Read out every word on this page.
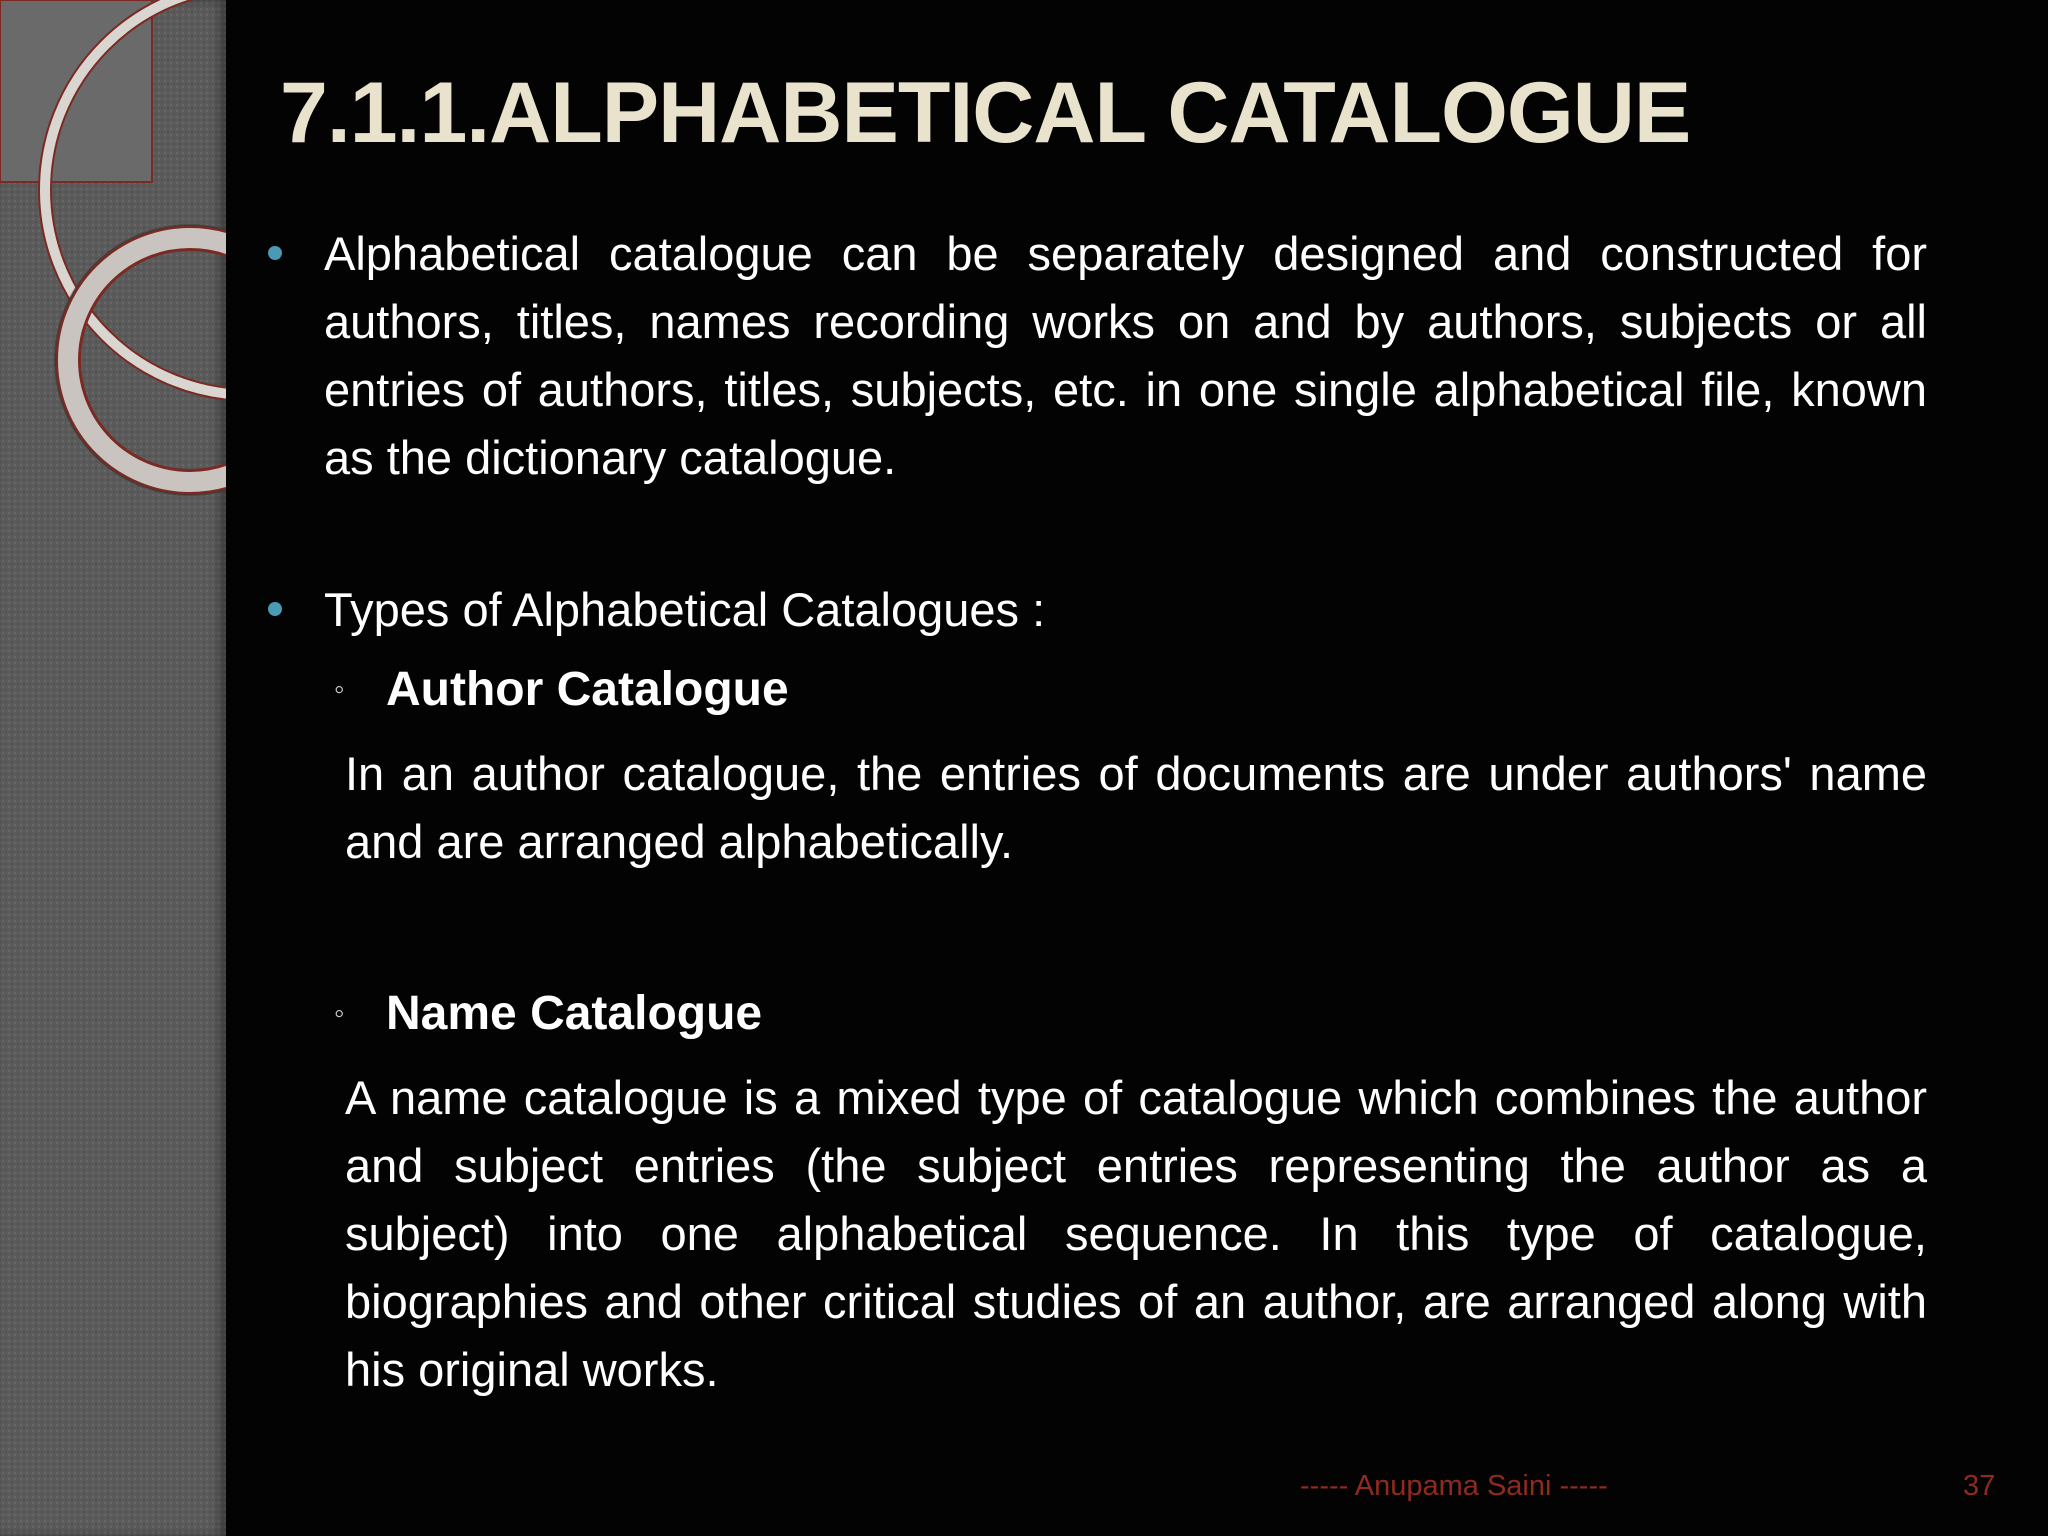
7.1.1.ALPHABETICAL CATALOGUE
Alphabetical catalogue can be separately designed and constructed for authors, titles, names recording works on and by authors, subjects or all entries of authors, titles, subjects, etc. in one single alphabetical file, known as the dictionary catalogue.
Types of Alphabetical Catalogues :
◦ Author Catalogue
In an author catalogue, the entries of documents are under authors' name and are arranged alphabetically.
◦ Name Catalogue
A name catalogue is a mixed type of catalogue which combines the author and subject entries (the subject entries representing the author as a subject) into one alphabetical sequence. In this type of catalogue, biographies and other critical studies of an author, are arranged along with his original works.
----- Anupama Saini -----	37
